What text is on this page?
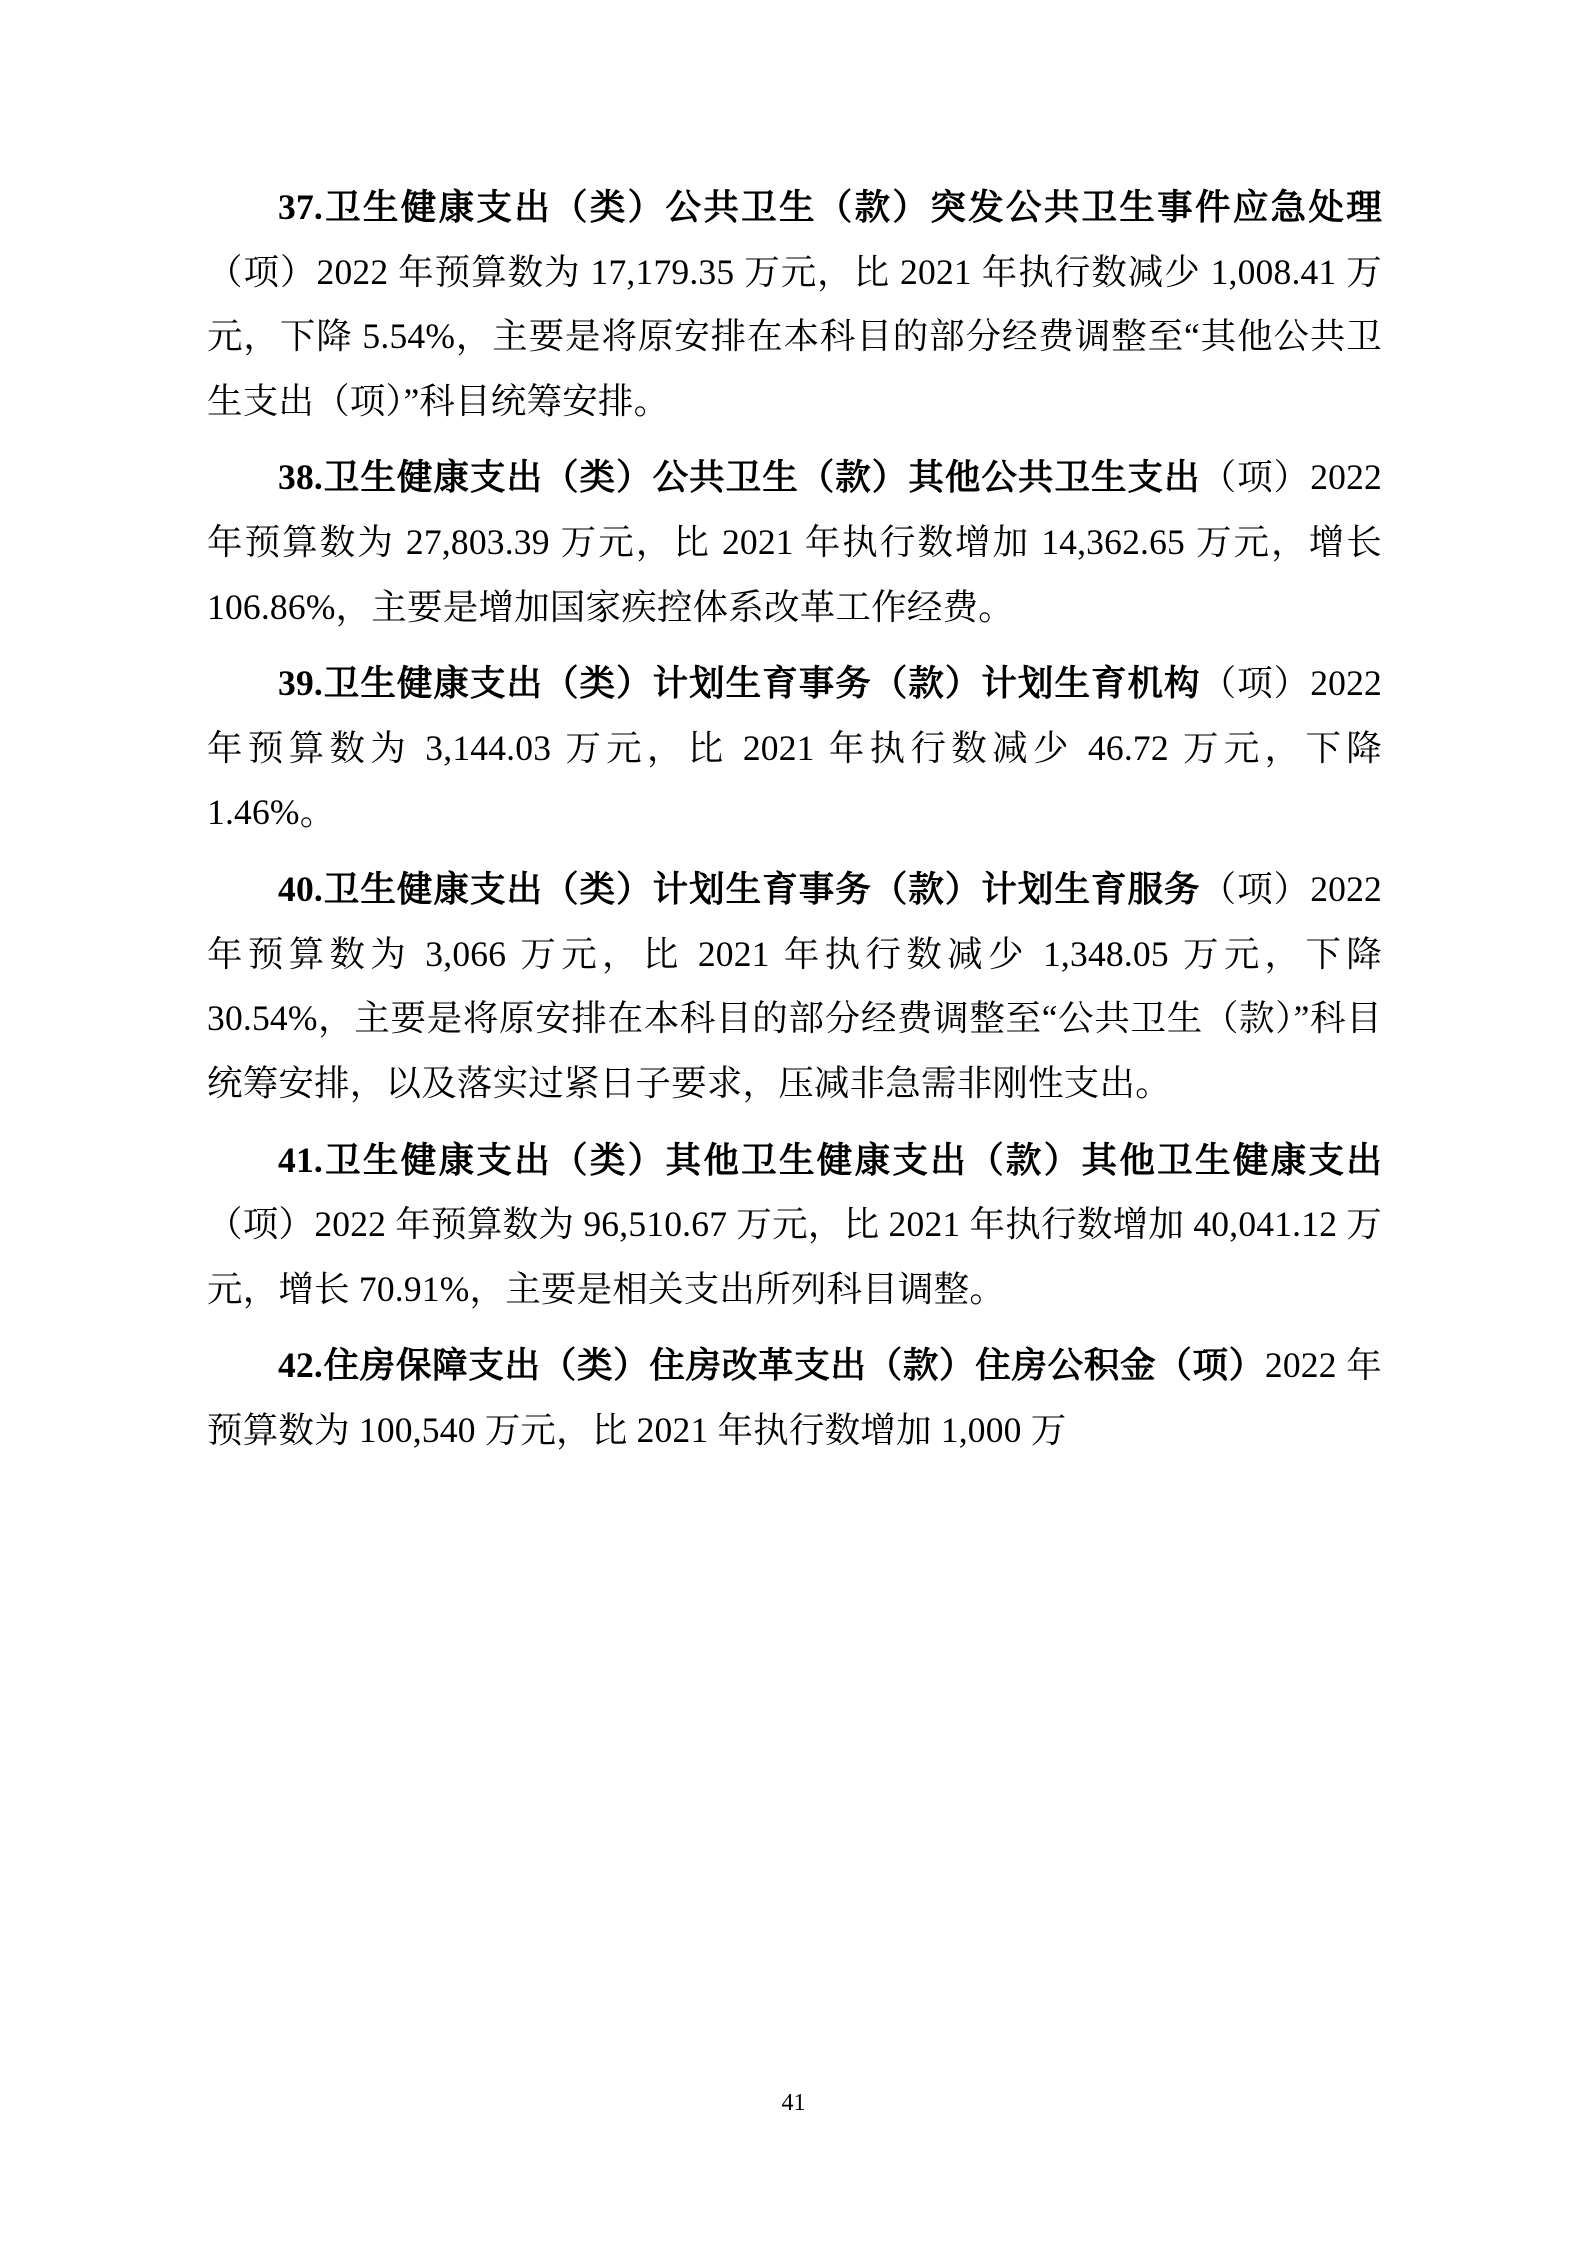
37.卫生健康支出（类）公共卫生（款）突发公共卫生事件应急处理（项）2022 年预算数为 17,179.35 万元，比 2021 年执行数减少 1,008.41 万元，下降 5.54%，主要是将原安排在本科目的部分经费调整至“其他公共卫生支出（项）”科目统筹安排。

38.卫生健康支出（类）公共卫生（款）其他公共卫生支出（项）2022 年预算数为 27,803.39 万元，比 2021 年执行数增加 14,362.65 万元，增长 106.86%，主要是增加国家疾控体系改革工作经费。

39.卫生健康支出（类）计划生育事务（款）计划生育机构（项）2022 年预算数为 3,144.03 万元，比 2021 年执行数减少 46.72 万元，下降 1.46%。

40.卫生健康支出（类）计划生育事务（款）计划生育服务（项）2022 年预算数为 3,066 万元，比 2021 年执行数减少 1,348.05 万元，下降 30.54%，主要是将原安排在本科目的部分经费调整至“公共卫生（款）”科目统筹安排，以及落实过紧日子要求，压减非急需非刚性支出。

41.卫生健康支出（类）其他卫生健康支出（款）其他卫生健康支出（项）2022 年预算数为 96,510.67 万元，比 2021 年执行数增加 40,041.12 万元，增长 70.91%，主要是相关支出所列科目调整。

42.住房保障支出（类）住房改革支出（款）住房公积金（项）2022 年预算数为 100,540 万元，比 2021 年执行数增加 1,000 万

41
